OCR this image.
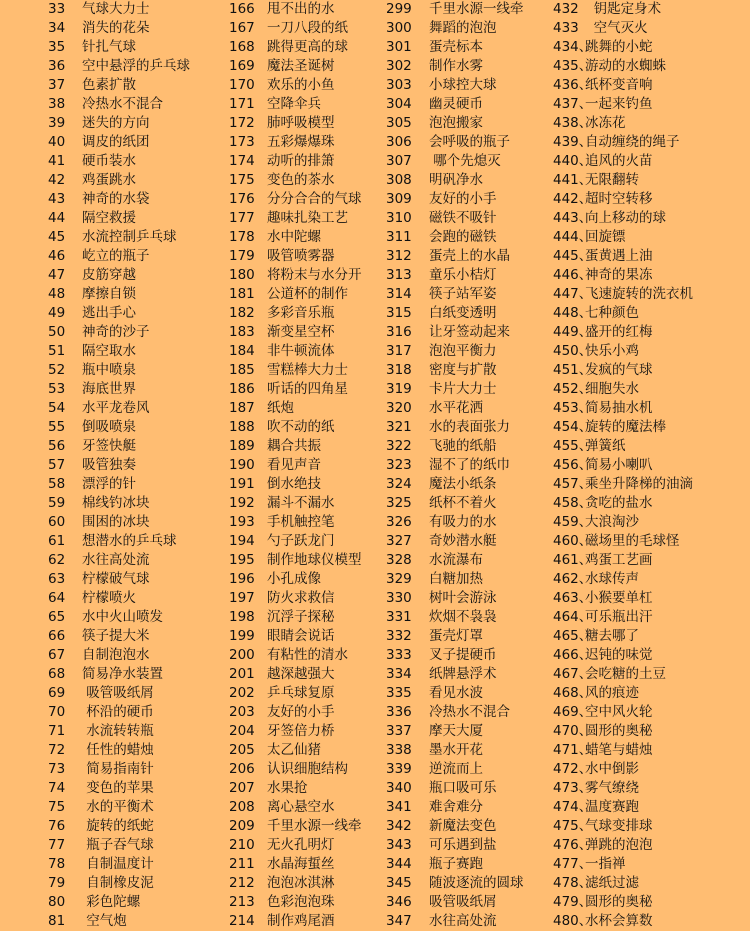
33 气球大力士
34 消失的花朵
35 针扎气球
36 空中悬浮的乒乓球
37 色素扩散
38 冷热水不混合
39 迷失的方向
40 调皮的纸团
41 硬币装水
42 鸡蛋跳水
43 神奇的水袋
44 隔空救援
45 水流控制乒乓球
46 屹立的瓶子
47 皮筋穿越
48 摩擦自锁
49 逃出手心
50 神奇的沙子
51 隔空取水
52 瓶中喷泉
53 海底世界
54 水平龙卷风
55 倒吸喷泉
56 牙签快艇
57 吸管独奏
58 漂浮的针
59 棉线钓冰块
60 围困的冰块
61 想潜水的乒乓球
62 水往高处流
63 柠檬破气球
64 柠檬喷火
65 水中火山喷发
66 筷子提大米
67 自制泡泡水
68 简易净水装置
69 吸管吸纸屑
70 杯沿的硬币
71 水流转转瓶
72 任性的蜡烛
73 简易指南针
74 变色的苹果
75 水的平衡术
76 旋转的纸蛇
77 瓶子吞气球
78 自制温度计
79 自制橡皮泥
80 彩色陀螺
81 空气炮
166 甩不出的水
167 一刀八段的纸
168 跳得更高的球
169 魔法圣诞树
170 欢乐的小鱼
171 空降伞兵
172 肺呼吸模型
173 五彩爆爆珠
174 动听的排箫
175 变色的茶水
176 分分合合的气球
177 趣味扎染工艺
178 水中陀螺
179 吸管喷雾器
180 将粉末与水分开
181 公道杯的制作
182 多彩音乐瓶
183 渐变星空杯
184 非牛顿流体
185 雪糕棒大力士
186 听话的四角星
187 纸炮
188 吹不动的纸
189 耦合共振
190 看见声音
191 倒水绝技
192 漏斗不漏水
193 手机触控笔
194 勺子跃龙门
195 制作地球仪模型
196 小孔成像
197 防火求救信
198 沉浮子探秘
199 眼睛会说话
200 有粘性的清水
201 越深越强大
202 乒乓球复原
203 友好的小手
204 牙签倍力桥
205 太乙仙猪
206 认识细胞结构
207 水果抢
208 离心悬空水
209 千里水源一线牵
210 无火孔明灯
211 水晶海蜇丝
212 泡泡冰淇淋
213 色彩泡泡珠
214 制作鸡尾酒
299 千里水源一线牵
300 舞蹈的泡泡
301 蛋壳标本
302 制作水雾
303 小球控大球
304 幽灵硬币
305 泡泡搬家
306 会呼吸的瓶子
307 哪个先熄灭
308 明矾净水
309 友好的小手
310 磁铁不吸针
311 会跑的磁铁
312 蛋壳上的水晶
313 童乐小桔灯
314 筷子站军姿
315 白纸变透明
316 让牙签动起来
317 泡泡平衡力
318 密度与扩散
319 卡片大力士
320 水平花洒
321 水的表面张力
322 飞驰的纸船
323 湿不了的纸巾
324 魔法小纸条
325 纸杯不着火
326 有吸力的水
327 奇妙潜水艇
328 水流瀑布
329 白糖加热
330 树叶会游泳
331 炊烟不袅袅
332 蛋壳灯罩
333 叉子提硬币
334 纸牌悬浮术
335 看见水波
336 冷热水不混合
337 摩天大厦
338 墨水开花
339 逆流而上
340 瓶口吸可乐
341 难舍难分
342 新魔法变色
343 可乐遇到盐
344 瓶子赛跑
345 随波逐流的圆球
346 吸管吸纸屑
347 水往高处流
432 钥匙定身术
433 空气灭火
434、
跳舞的小蛇
435、
游动的水蜘蛛
436、
纸杯变音响
437、
一起来钓鱼
438、
冰冻花
439、
自动缠绕的绳子
440、
追风的火苗
441、
无限翻转
442、
超时空转移
443、
向上移动的球
444、
回旋镖
445、
蛋黄遇上油
446、
神奇的果冻
447、
飞速旋转的洗衣机
448、
七种颜色
449、
盛开的红梅
450、
快乐小鸡
451、
发疯的气球
452、
细胞失水
453、
简易抽水机
454、
旋转的魔法棒
455、
弹簧纸
456、
简易小喇叭
457、
乘坐升降梯的油滴
458、
贪吃的盐水
459、
大浪淘沙
460、
磁场里的毛球怪
461、
鸡蛋工艺画
462、
水球传声
463、
小猴要单杠
464、
可乐瓶出汗
465、
糖去哪了
466、
迟钝的味觉
467、
会吃糖的土豆
468、
风的痕迹
469、
空中风火轮
470、
圆形的奥秘
471、
蜡笔与蜡烛
472、
水中倒影
473、
雾气缭绕
474、
温度赛跑
475、
气球变排球
476、
弹跳的泡泡
477、
一指禅
478、
滤纸过滤
479、
圆形的奥秘
480、
水杯会算数
